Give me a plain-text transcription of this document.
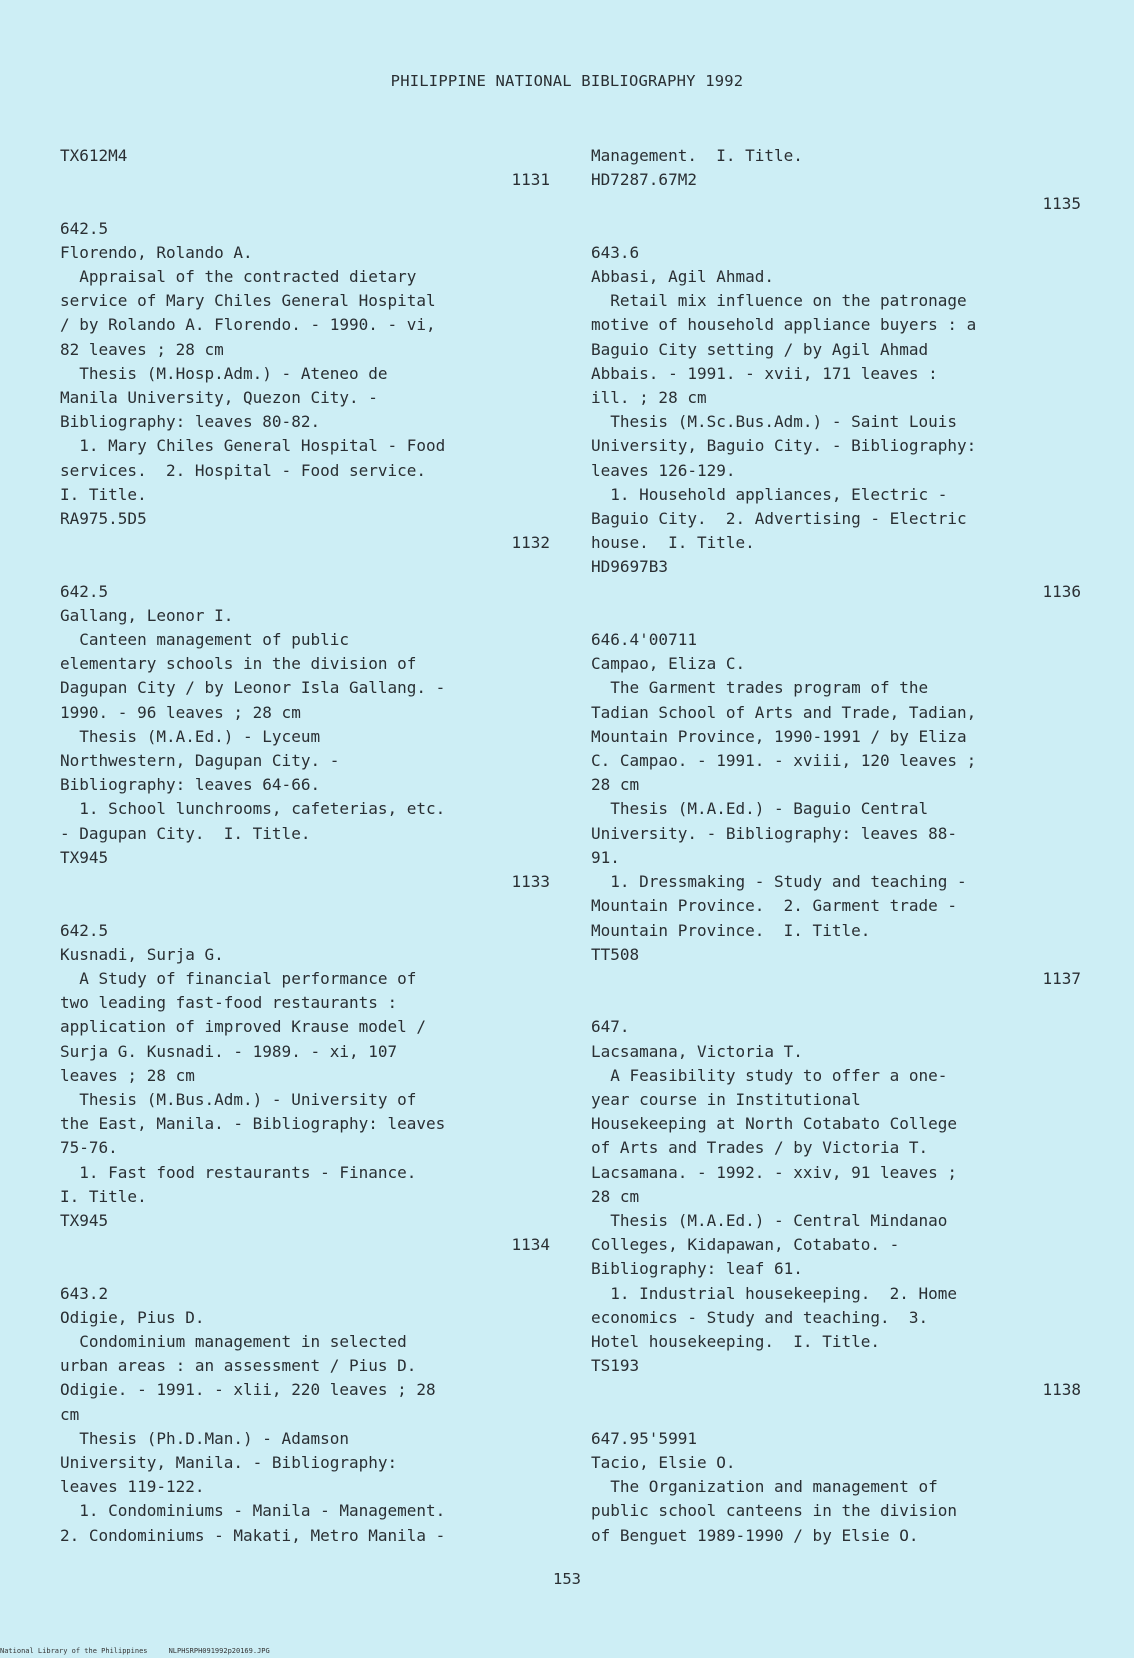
PHILIPPINE NATIONAL BIBLIOGRAPHY 1992
TX612M4
1131
642.5
Florendo, Rolando A.
Appraisal of the contracted dietary
service of Mary Chiles General Hospital
/ by Rolando A. Florendo. - 1990. - vi,
82 leaves ; 28 cm
Thesis (M.Hosp.Adm.) - Ateneo de
Manila University, Quezon City. -
Bibliography: leaves 80-82.
1. Mary Chiles General Hospital - Food
services.  2. Hospital - Food service.
I. Title.
RA975.5D5
1132
642.5
Gallang, Leonor I.
Canteen management of public
elementary schools in the division of
Dagupan City / by Leonor Isla Gallang. -
1990. - 96 leaves ; 28 cm
Thesis (M.A.Ed.) - Lyceum
Northwestern, Dagupan City. -
Bibliography: leaves 64-66.
1. School lunchrooms, cafeterias, etc.
- Dagupan City.  I. Title.
TX945
1133
642.5
Kusnadi, Surja G.
A Study of financial performance of
two leading fast-food restaurants :
application of improved Krause model /
Surja G. Kusnadi. - 1989. - xi, 107
leaves ; 28 cm
Thesis (M.Bus.Adm.) - University of
the East, Manila. - Bibliography: leaves
75-76.
1. Fast food restaurants - Finance.
I. Title.
TX945
1134
643.2
Odigie, Pius D.
Condominium management in selected
urban areas : an assessment / Pius D.
Odigie. - 1991. - xlii, 220 leaves ; 28
cm
Thesis (Ph.D.Man.) - Adamson
University, Manila. - Bibliography:
leaves 119-122.
1. Condominiums - Manila - Management.
2. Condominiums - Makati, Metro Manila -
Management.  I. Title.
HD7287.67M2
1135
643.6
Abbasi, Agil Ahmad.
Retail mix influence on the patronage
motive of household appliance buyers : a
Baguio City setting / by Agil Ahmad
Abbais. - 1991. - xvii, 171 leaves :
ill. ; 28 cm
Thesis (M.Sc.Bus.Adm.) - Saint Louis
University, Baguio City. - Bibliography:
leaves 126-129.
1. Household appliances, Electric -
Baguio City.  2. Advertising - Electric
house.  I. Title.
HD9697B3
1136
646.4'00711
Campao, Eliza C.
The Garment trades program of the
Tadian School of Arts and Trade, Tadian,
Mountain Province, 1990-1991 / by Eliza
C. Campao. - 1991. - xviii, 120 leaves ;
28 cm
Thesis (M.A.Ed.) - Baguio Central
University. - Bibliography: leaves 88-
91.
1. Dressmaking - Study and teaching -
Mountain Province.  2. Garment trade -
Mountain Province.  I. Title.
TT508
1137
647.
Lacsamana, Victoria T.
A Feasibility study to offer a one-
year course in Institutional
Housekeeping at North Cotabato College
of Arts and Trades / by Victoria T.
Lacsamana. - 1992. - xxiv, 91 leaves ;
28 cm
Thesis (M.A.Ed.) - Central Mindanao
Colleges, Kidapawan, Cotabato. -
Bibliography: leaf 61.
1. Industrial housekeeping.  2. Home
economics - Study and teaching.  3.
Hotel housekeeping.  I. Title.
TS193
1138
647.95'5991
Tacio, Elsie O.
The Organization and management of
public school canteens in the division
of Benguet 1989-1990 / by Elsie O.
153
National Library of the Philippines     NLPHSRPH091992p20169.JPG
